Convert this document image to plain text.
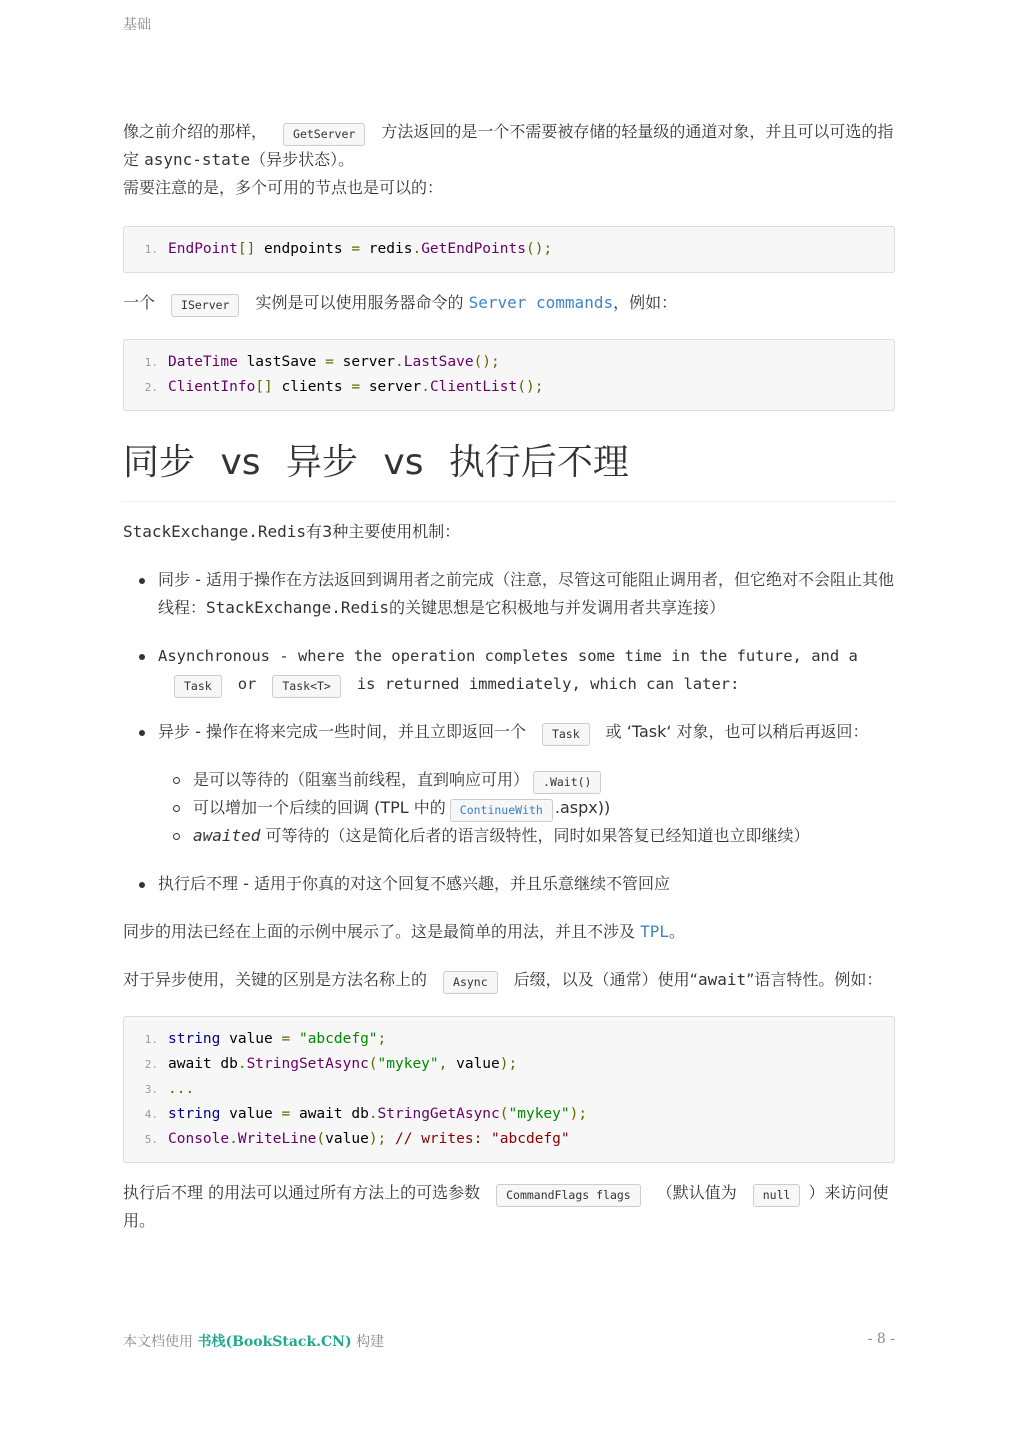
基础

像之前介绍的那样， GetServer 方法返回的是一个不需要被存储的轻量级的通道对象，并且可以可选的指定 async-state（异步状态）。

需要注意的是，多个可用的节点也是可以的：

1. EndPoint[] endpoints = redis.GetEndPoints();

一个 IServer 实例是可以使用服务器命令的 Server commands，例如：

1. DateTime lastSave = server.LastSave();
2. ClientInfo[] clients = server.ClientList();
同步 vs 异步 vs 执行后不理

StackExchange.Redis有3种主要使用机制：

同步 - 适用于操作在方法返回到调用者之前完成（注意，尽管这可能阻止调用者，但它绝对不会阻止其他线程：StackExchange.Redis的关键思想是它积极地与并发调用者共享连接）
Asynchronous - where the operation completes some time in the future, and aTask or Task<T> is returned immediately, which can later:
异步 - 操作在将来完成一些时间，并且立即返回一个 Task 或 ‘Task‘ 对象，也可以稍后再返回：
是可以等待的（阻塞当前线程，直到响应可用） .Wait()
可以增加一个后续的回调 (TPL 中的 ContinueWith .aspx))
awaited 可等待的（这是简化后者的语言级特性，同时如果答复已经知道也立即继续）
执行后不理 - 适用于你真的对这个回复不感兴趣，并且乐意继续不管回应

同步的用法已经在上面的示例中展示了。这是最简单的用法，并且不涉及 TPL。

对于异步使用，关键的区别是方法名称上的 Async 后缀，以及（通常）使用“await”语言特性。例如：

1. string value = "abcdefg";
2. await db.StringSetAsync("mykey", value);
3. ...
4. string value = await db.StringGetAsync("mykey");
5. Console.WriteLine(value); // writes: "abcdefg"

执行后不理 的用法可以通过所有方法上的可选参数 CommandFlags flags （默认值为 null ）来访问使用。

本文档使用 书栈(BookStack.CN) 构建	- 8 -
